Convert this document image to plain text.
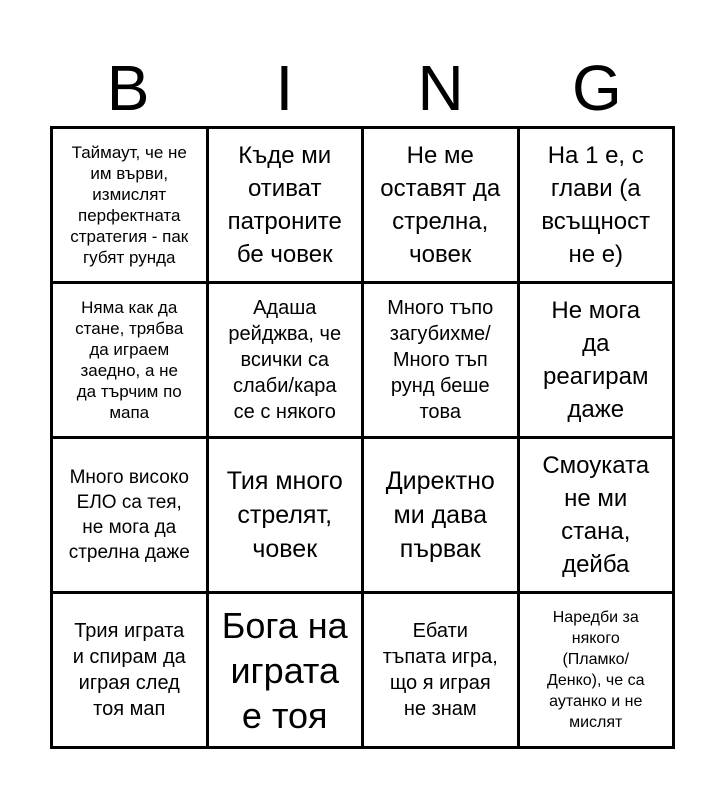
B	I	N	G
Таймаут, че не
им върви,
измислят
перфектната
стратегия - пак
губят рунда
Къде ми
отиват
патроните
бе човек
Не ме
оставят да
стрелна,
човек
На 1 е, с
глави (а
всъщност
не е)
Няма как да
стане, трябва
да играем
заедно, а не
да търчим по
мапа
Адаша
рейджва, че
всички са
слаби/кара
се с някого
Много тъпо
загубихме/
Много тъп
рунд беше
това
Не мога
да
реагирам
даже
Много високо
ЕЛО са тея,
не мога да
стрелна даже
Тия много
стрелят,
човек
Директно
ми дава
първак
Смоуката
не ми
стана,
дейба
Трия играта
и спирам да
играя след
тоя мап
Бога на
играта
е тоя
Ебати
тъпата игра,
що я играя
не знам
Наредби за
някого
(Пламко/
Денко), че са
аутанко и не
мислят
